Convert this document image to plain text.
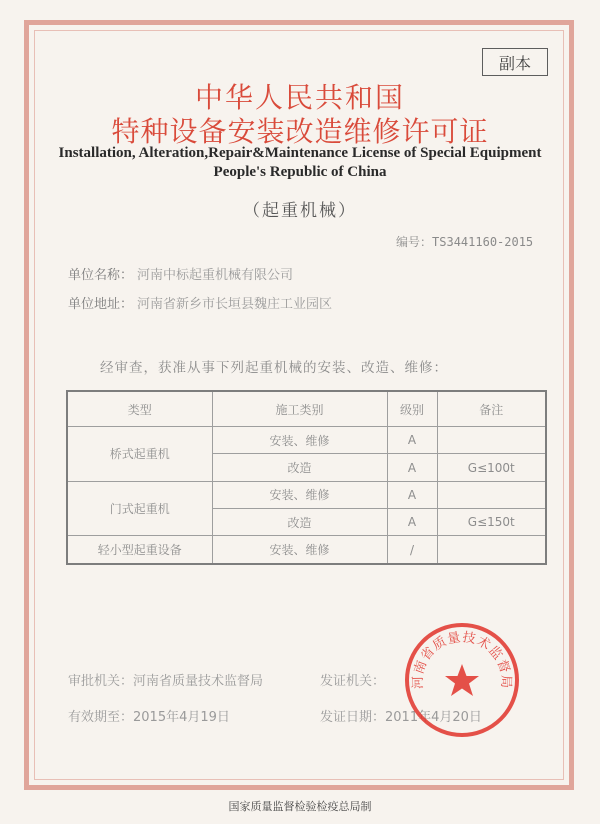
副本
中华人民共和国
特种设备安装改造维修许可证
Installation, Alteration,Repair&Maintenance License of Special Equipment
People's Republic of China
（起重机械）
编号：TS3441160-2015
单位名称： 河南中标起重机械有限公司
单位地址： 河南省新乡市长垣县魏庄工业园区
经审查，获准从事下列起重机械的安装、改造、维修：
类型	施工类别	级别	备注
桥式起重机	安装、维修	A	
	改造	A	G≤100t
门式起重机	安装、维修	A	
	改造	A	G≤150t
轻小型起重设备	安装、维修	/	
审批机关：河南省质量技术监督局	发证机关：
有效期至：2015年4月19日	发证日期：2011年4月20日
河南省质量技术监督局
国家质量监督检验检疫总局制
